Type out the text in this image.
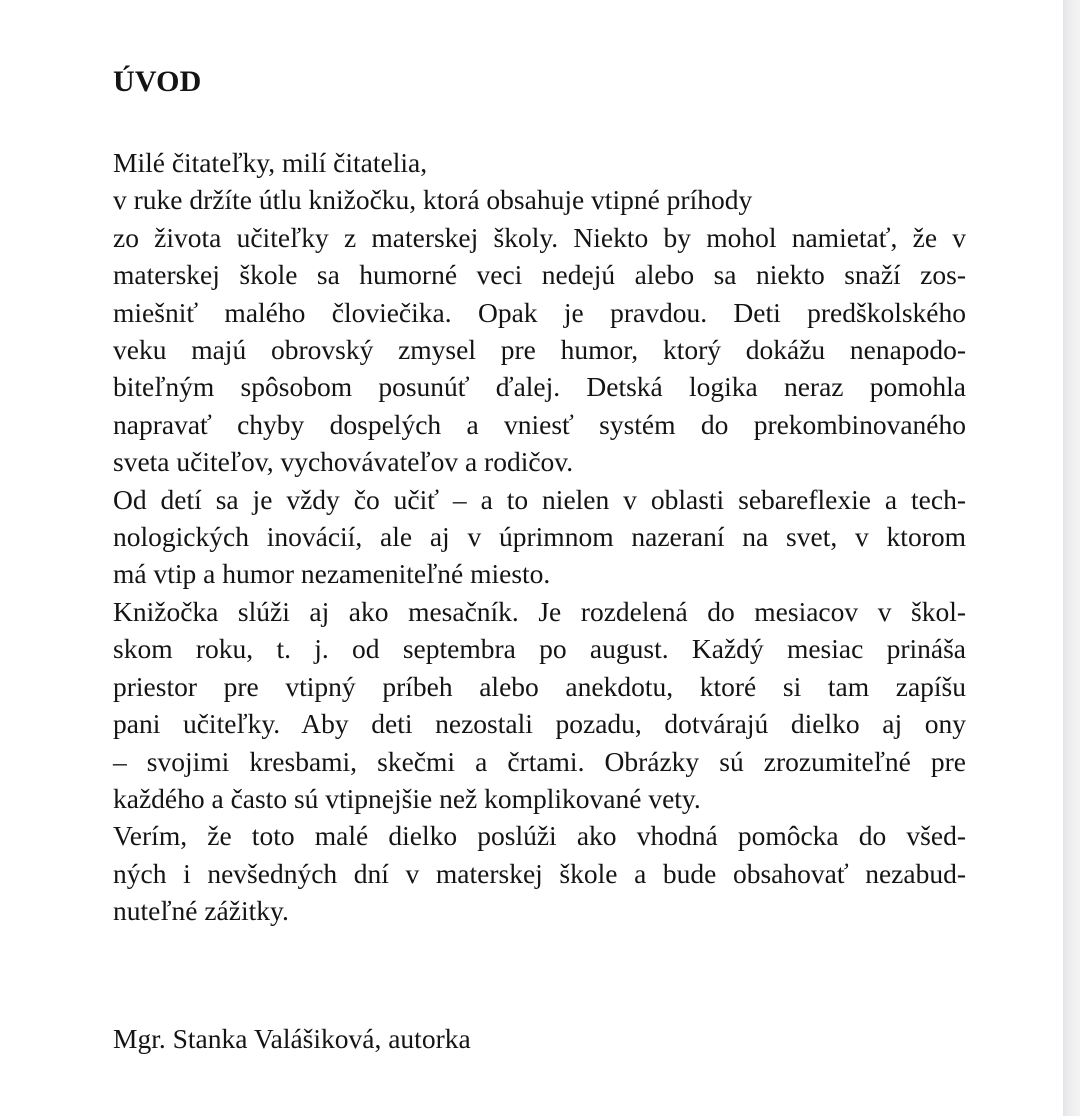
ÚVOD
Milé čitateľky, milí čitatelia,
v ruke držíte útlu knižočku, ktorá obsahuje vtipné príhody
zo života učiteľky z materskej školy. Niekto by mohol namietať, že v
materskej škole sa humorné veci nedejú alebo sa niekto snaží zos-
miešniť malého človiečika. Opak je pravdou. Deti predškolského
veku majú obrovský zmysel pre humor, ktorý dokážu nenapodo-
biteľným spôsobom posunúť ďalej. Detská logika neraz pomohla
napravať chyby dospelých a vniesť systém do prekombinovaného
sveta učiteľov, vychovávateľov a rodičov.
Od detí sa je vždy čo učiť – a to nielen v oblasti sebareflexie a tech-
nologických inovácií, ale aj v úprimnom nazeraní na svet, v ktorom
má vtip a humor nezameniteľné miesto.
Knižočka slúži aj ako mesačník. Je rozdelená do mesiacov v škol-
skom roku, t. j. od septembra po august. Každý mesiac prináša
priestor pre vtipný príbeh alebo anekdotu, ktoré si tam zapíšu
pani učiteľky. Aby deti nezostali pozadu, dotvárajú dielko aj ony
– svojimi kresbami, skečmi a črtami. Obrázky sú zrozumiteľné pre
každého a často sú vtipnejšie než komplikované vety.
Verím, že toto malé dielko poslúži ako vhodná pomôcka do všed-
ných i nevšedných dní v materskej škole a bude obsahovať nezabud-
nuteľné zážitky.
Mgr. Stanka Valášiková, autorka
